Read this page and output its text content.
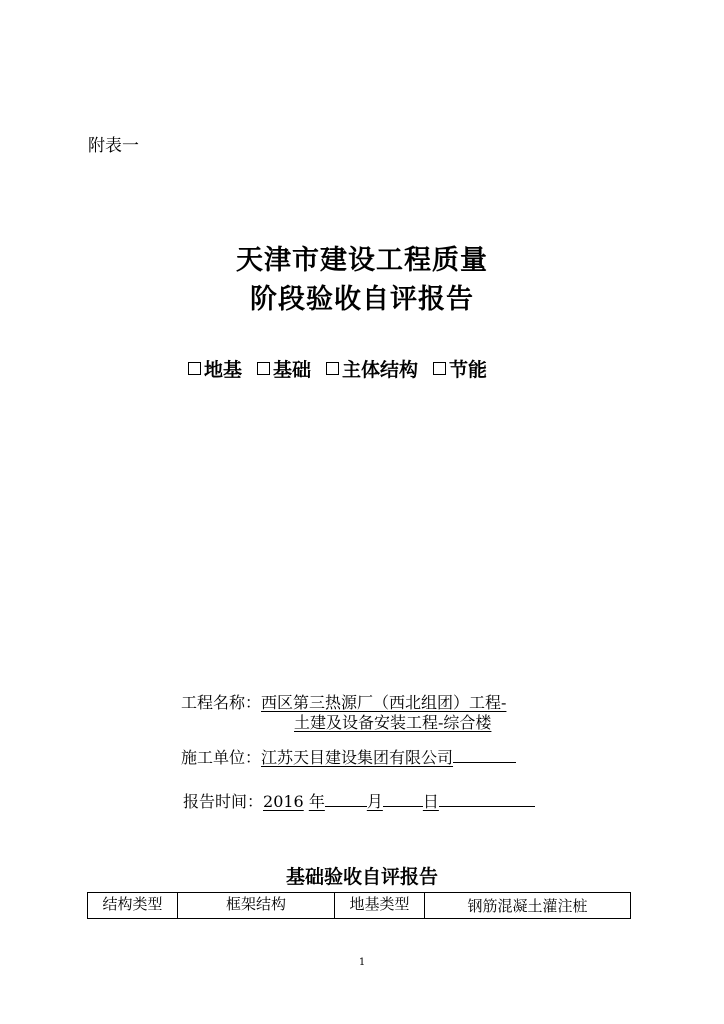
附表一
天津市建设工程质量
阶段验收自评报告
地基 基础 主体结构 节能
工程名称：西区第三热源厂（西北组团）工程-
土建及设备安装工程-综合楼
施工单位：江苏天目建设集团有限公司
报告时间：2016 年	月	日
基础验收自评报告
结构类型	框架结构	地基类型	钢筋混凝土灌注桩
1
